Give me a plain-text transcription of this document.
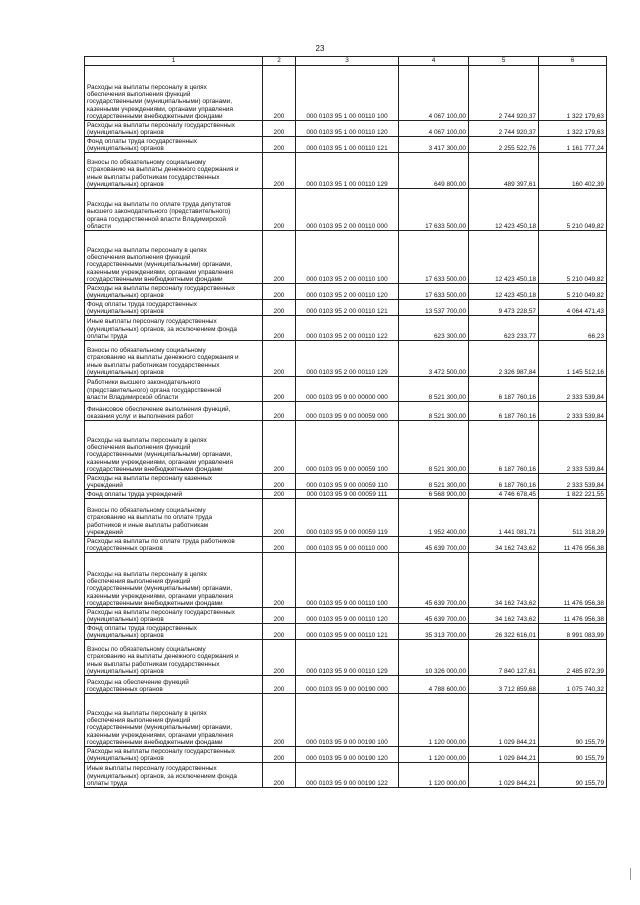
23
1	2	3	4	5	6
Расходы на выплаты персоналу в целях
обеспечения выполнения функций
государственными (муниципальными) органами,
казенными учреждениями, органами управления
государственными внебюджетными фондами	200	000 0103 95 1 00 00110 100	4 067 100,00	2 744 920,37	1 322 179,63
Расходы на выплаты персоналу государственных
(муниципальных) органов	200	000 0103 95 1 00 00110 120	4 067 100,00	2 744 920,37	1 322 179,63
Фонд оплаты труда государственных
(муниципальных) органов	200	000 0103 95 1 00 00110 121	3 417 300,00	2 255 522,76	1 161 777,24
Взносы по обязательному социальному
страхованию на выплаты денежного содержания и
иные выплаты работникам государственных
(муниципальных) органов	200	000 0103 95 1 00 00110 129	649 800,00	489 397,61	160 402,39
Расходы на выплаты по оплате труда депутатов
высшего законодательного (представительного)
органа государственной власти Владимирской
области	200	000 0103 95 2 00 00110 000	17 633 500,00	12 423 450,18	5 210 049,82
Расходы на выплаты персоналу в целях
обеспечения выполнения функций
государственными (муниципальными) органами,
казенными учреждениями, органами управления
государственными внебюджетными фондами	200	000 0103 95 2 00 00110 100	17 633 500,00	12 423 450,18	5 210 049,82
Расходы на выплаты персоналу государственных
(муниципальных) органов	200	000 0103 95 2 00 00110 120	17 633 500,00	12 423 450,18	5 210 049,82
Фонд оплаты труда государственных
(муниципальных) органов	200	000 0103 95 2 00 00110 121	13 537 700,00	9 473 228,57	4 064 471,43
Иные выплаты персоналу государственных
(муниципальных) органов, за исключением фонда
оплаты труда	200	000 0103 95 2 00 00110 122	623 300,00	623 233,77	66,23
Взносы по обязательному социальному
страхованию на выплаты денежного содержания и
иные выплаты работникам государственных
(муниципальных) органов	200	000 0103 95 2 00 00110 129	3 472 500,00	2 326 987,84	1 145 512,16
Работники высшего законодательного
(представительного) органа государственной
власти Владимирской области	200	000 0103 95 9 00 00000 000	8 521 300,00	6 187 760,16	2 333 539,84
Финансовое обеспечение выполнения функций,
оказания услуг и выполнения работ	200	000 0103 95 9 00 00059 000	8 521 300,00	6 187 760,16	2 333 539,84
Расходы на выплаты персоналу в целях
обеспечения выполнения функций
государственными (муниципальными) органами,
казенными учреждениями, органами управления
государственными внебюджетными фондами	200	000 0103 95 9 00 00059 100	8 521 300,00	6 187 760,16	2 333 539,84
Расходы на выплаты персоналу казенных
учреждений	200	000 0103 95 9 00 00059 110	8 521 300,00	6 187 760,16	2 333 539,84
Фонд оплаты труда учреждений	200	000 0103 95 9 00 00059 111	6 568 900,00	4 746 678,45	1 822 221,55
Взносы по обязательному социальному
страхованию на выплаты по оплате труда
работников и иные выплаты работникам
учреждений	200	000 0103 95 9 00 00059 119	1 952 400,00	1 441 081,71	511 318,29
Расходы на выплаты по оплате труда работников
государственных органов	200	000 0103 95 9 00 00110 000	45 639 700,00	34 162 743,62	11 476 956,38
Расходы на выплаты персоналу в целях
обеспечения выполнения функций
государственными (муниципальными) органами,
казенными учреждениями, органами управления
государственными внебюджетными фондами	200	000 0103 95 9 00 00110 100	45 639 700,00	34 162 743,62	11 476 956,38
Расходы на выплаты персоналу государственных
(муниципальных) органов	200	000 0103 95 9 00 00110 120	45 639 700,00	34 162 743,62	11 476 956,38
Фонд оплаты труда государственных
(муниципальных) органов	200	000 0103 95 9 00 00110 121	35 313 700,00	26 322 616,01	8 991 083,99
Взносы по обязательному социальному
страхованию на выплаты денежного содержания и
иные выплаты работникам государственных
(муниципальных) органов	200	000 0103 95 9 00 00110 129	10 326 000,00	7 840 127,61	2 485 872,39
Расходы на обеспечение функций
государственных органов	200	000 0103 95 9 00 00190 000	4 788 600,00	3 712 859,68	1 075 740,32
Расходы на выплаты персоналу в целях
обеспечения выполнения функций
государственными (муниципальными) органами,
казенными учреждениями, органами управления
государственными внебюджетными фондами	200	000 0103 95 9 00 00190 100	1 120 000,00	1 029 844,21	90 155,79
Расходы на выплаты персоналу государственных
(муниципальных) органов	200	000 0103 95 9 00 00190 120	1 120 000,00	1 029 844,21	90 155,79
Иные выплаты персоналу государственных
(муниципальных) органов, за исключением фонда
оплаты труда	200	000 0103 95 9 00 00190 122	1 120 000,00	1 029 844,21	90 155,79
